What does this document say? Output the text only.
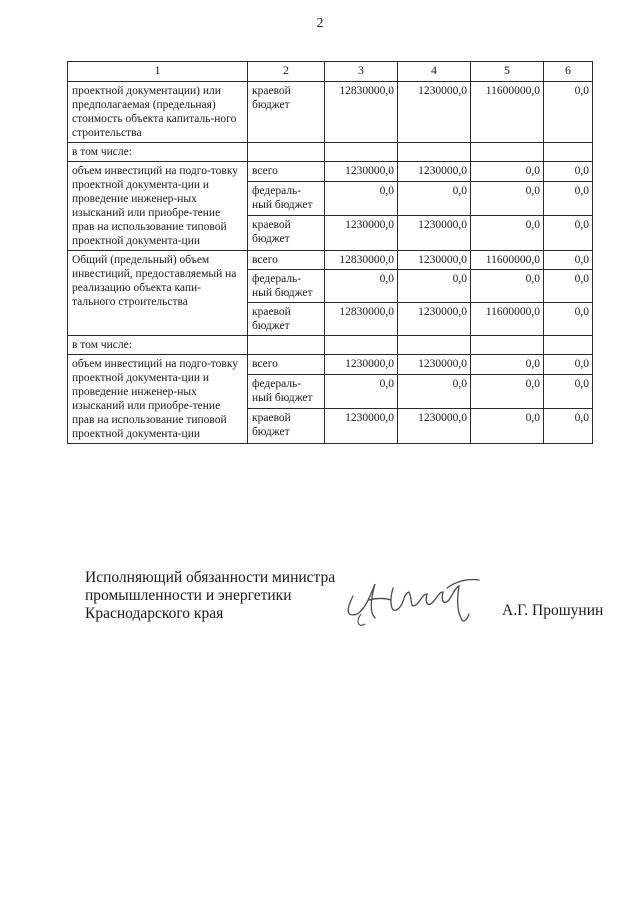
2
1	2	3	4	5	6
проектной документации) или предполагаемая (предельная) стоимость объекта капиталь-ного строительства	краевой бюджет	12830000,0	1230000,0	11600000,0	0,0
в том числе:					
объем инвестиций на подго-товку проектной документа-ции и проведение инженер-ных изысканий или приобре-тение прав на использование типовой проектной документа-ции	всего	1230000,0	1230000,0	0,0	0,0
	федераль-ный бюджет	0,0	0,0	0,0	0,0
	краевой бюджет	1230000,0	1230000,0	0,0	0,0
Общий (предельный) объем инвестиций, предоставляемый на реализацию объекта капи-тального строительства	всего	12830000,0	1230000,0	11600000,0	0,0
	федераль-ный бюджет	0,0	0,0	0,0	0,0
	краевой бюджет	12830000,0	1230000,0	11600000,0	0,0
в том числе:					
объем инвестиций на подго-товку проектной документа-ции и проведение инженер-ных изысканий или приобре-тение прав на использование типовой проектной документа-ции	всего	1230000,0	1230000,0	0,0	0,0
	федераль-ный бюджет	0,0	0,0	0,0	0,0
	краевой бюджет	1230000,0	1230000,0	0,0	0,0
Исполняющий обязанности министра
промышленности и энергетики
Краснодарского края	А.Г. Прошунин
